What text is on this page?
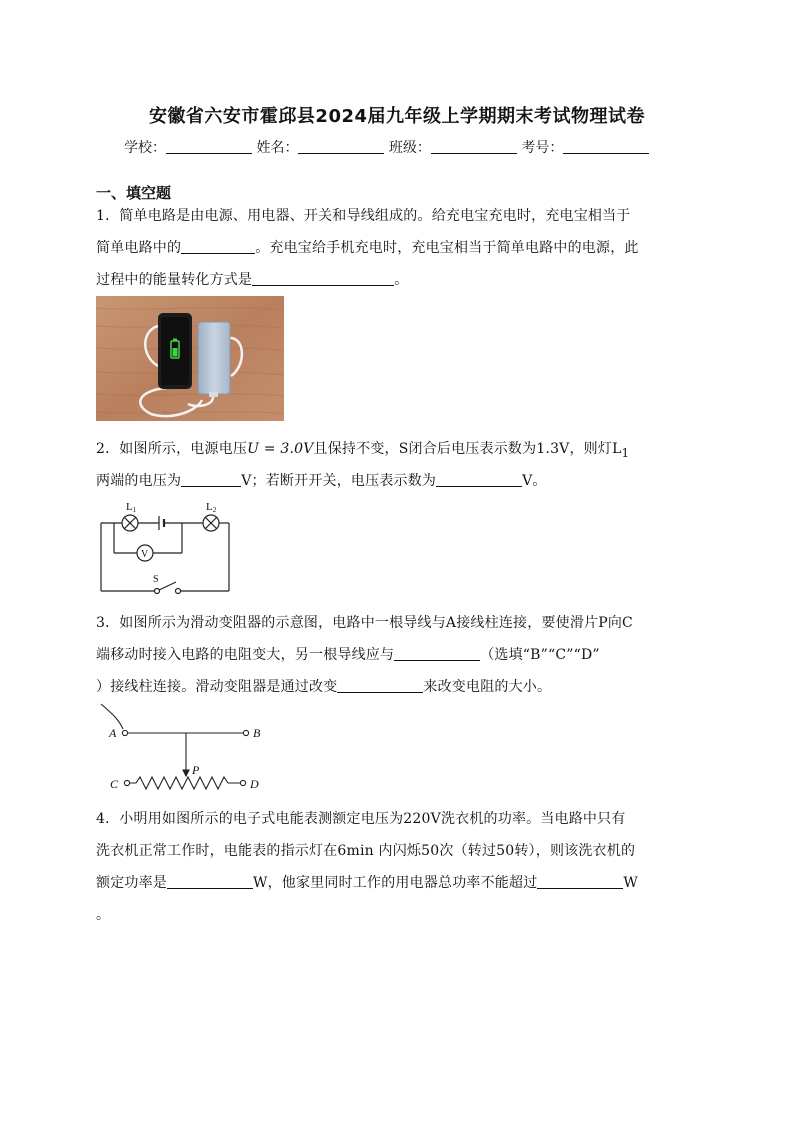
安徽省六安市霍邱县2024届九年级上学期期末考试物理试卷
学校：	姓名：	班级：	考号：
一、填空题
1．简单电路是由电源、用电器、开关和导线组成的。给充电宝充电时，充电宝相当于
简单电路中的	。充电宝给手机充电时，充电宝相当于简单电路中的电源，此
过程中的能量转化方式是	。
2．如图所示，电源电压U = 3.0V且保持不变，S闭合后电压表示数为1.3V，则灯$L_1$
两端的电压为	V；若断开开关，电压表示数为	V。
L1	L2
V
S
3．如图所示为滑动变阻器的示意图，电路中一根导线与A接线柱连接，要使滑片P向C
端移动时接入电路的电阻变大，另一根导线应与	（选填“B”“C”“D”
）接线柱连接。滑动变阻器是通过改变	来改变电阻的大小。
A	B
P
C	D
4．小明用如图所示的电子式电能表测额定电压为220V洗衣机的功率。当电路中只有
洗衣机正常工作时，电能表的指示灯在6min 内闪烁50次（转过50转），则该洗衣机的
额定功率是	W，他家里同时工作的用电器总功率不能超过	W
。
